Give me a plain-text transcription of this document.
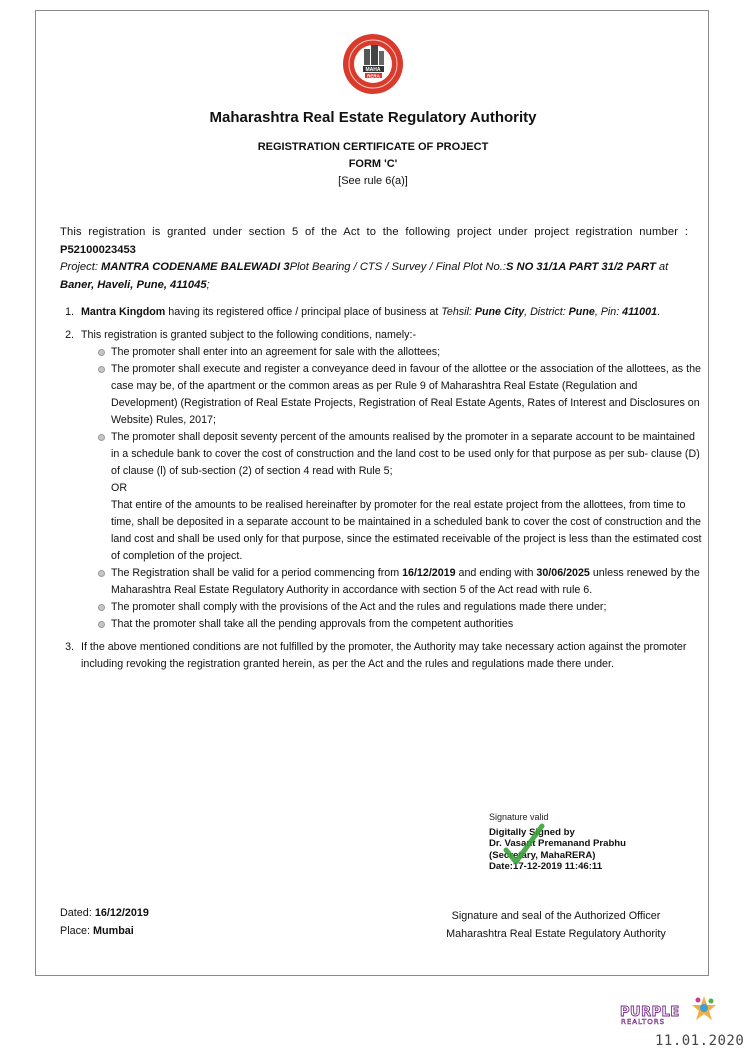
MAHA
RERA
Maharashtra Real Estate Regulatory Authority
REGISTRATION CERTIFICATE OF PROJECT
FORM 'C'
[See rule 6(a)]
This registration is granted under section 5 of the Act to the following project under project registration number :
P52100023453
Project: MANTRA CODENAME BALEWADI 3Plot Bearing / CTS / Survey / Final Plot No.:S NO 31/1A PART 31/2 PART at Baner, Haveli, Pune, 411045;
1. Mantra Kingdom having its registered office / principal place of business at Tehsil: Pune City, District: Pune, Pin: 411001.
2. This registration is granted subject to the following conditions, namely:-
The promoter shall enter into an agreement for sale with the allottees;
The promoter shall execute and register a conveyance deed in favour of the allottee or the association of the allottees, as the case may be, of the apartment or the common areas as per Rule 9 of Maharashtra Real Estate (Regulation and Development) (Registration of Real Estate Projects, Registration of Real Estate Agents, Rates of Interest and Disclosures on Website) Rules, 2017;
The promoter shall deposit seventy percent of the amounts realised by the promoter in a separate account to be maintained in a schedule bank to cover the cost of construction and the land cost to be used only for that purpose as per sub- clause (D) of clause (l) of sub-section (2) of section 4 read with Rule 5;
OR
That entire of the amounts to be realised hereinafter by promoter for the real estate project from the allottees, from time to time, shall be deposited in a separate account to be maintained in a scheduled bank to cover the cost of construction and the land cost and shall be used only for that purpose, since the estimated receivable of the project is less than the estimated cost of completion of the project.
The Registration shall be valid for a period commencing from 16/12/2019 and ending with 30/06/2025 unless renewed by the Maharashtra Real Estate Regulatory Authority in accordance with section 5 of the Act read with rule 6.
The promoter shall comply with the provisions of the Act and the rules and regulations made there under;
That the promoter shall take all the pending approvals from the competent authorities
3. If the above mentioned conditions are not fulfilled by the promoter, the Authority may take necessary action against the promoter including revoking the registration granted herein, as per the Act and the rules and regulations made there under.
Signature valid
Digitally Signed by
Dr. Vasant Premanand Prabhu
(Secretary, MahaRERA)
Date:17-12-2019 11:46:11
Dated: 16/12/2019
Place: Mumbai
Signature and seal of the Authorized Officer
Maharashtra Real Estate Regulatory Authority
PURPLE
REALTORS
11.01.2020
